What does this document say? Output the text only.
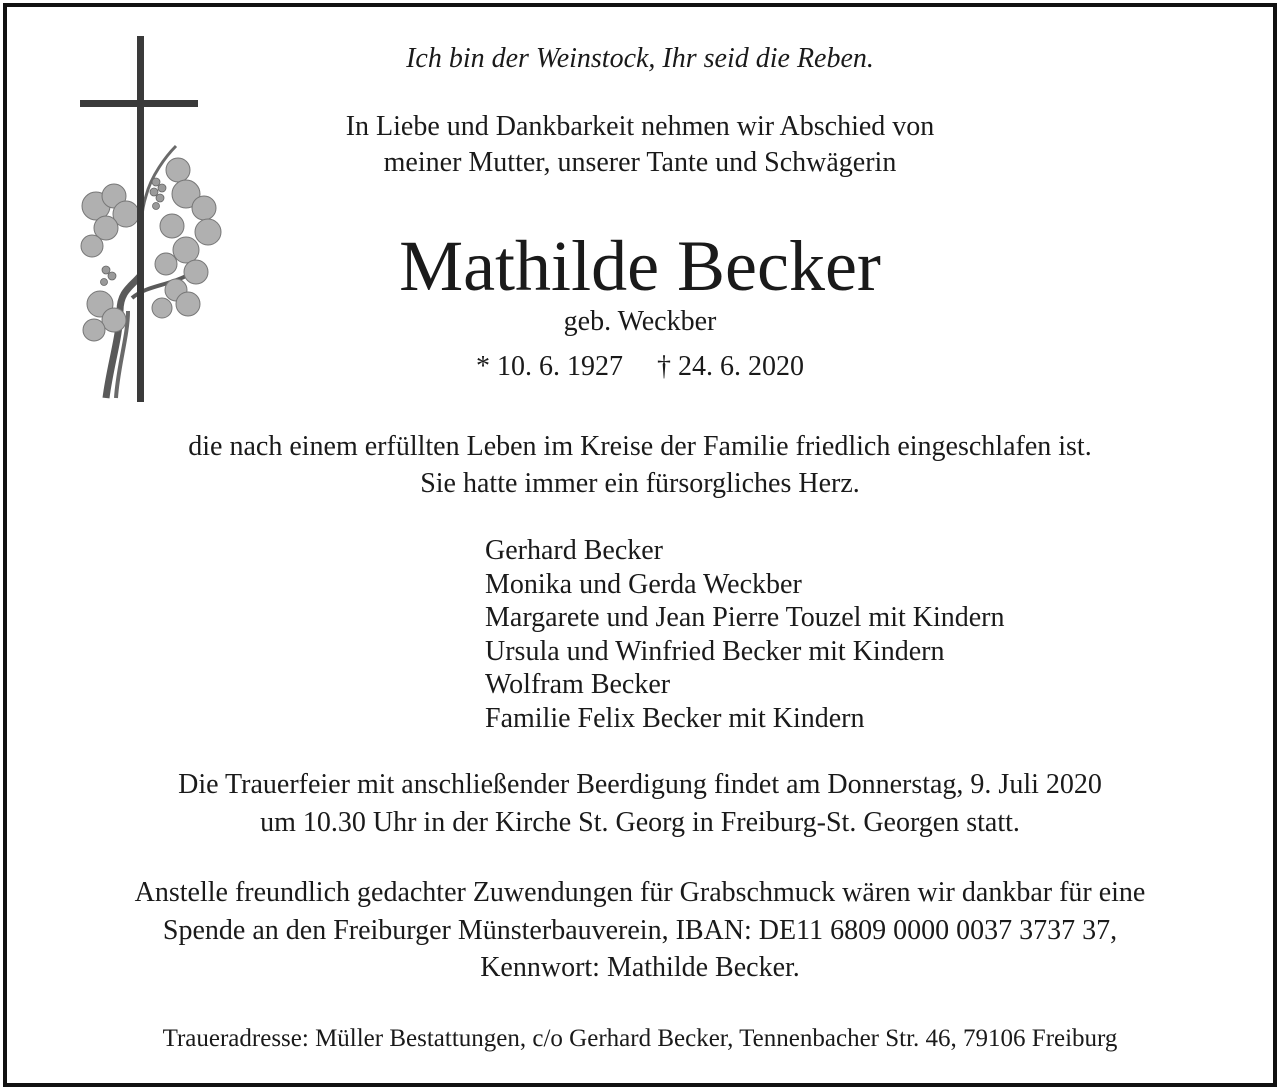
Ich bin der Weinstock, Ihr seid die Reben.
In Liebe und Dankbarkeit nehmen wir Abschied von
meiner Mutter, unserer Tante und Schwägerin
Mathilde Becker
geb. Weckber
* 10. 6. 1927 † 24. 6. 2020
die nach einem erfüllten Leben im Kreise der Familie friedlich eingeschlafen ist.
Sie hatte immer ein fürsorgliches Herz.
Gerhard Becker
Monika und Gerda Weckber
Margarete und Jean Pierre Touzel mit Kindern
Ursula und Winfried Becker mit Kindern
Wolfram Becker
Familie Felix Becker mit Kindern
Die Trauerfeier mit anschließender Beerdigung findet am Donnerstag, 9. Juli 2020
um 10.30 Uhr in der Kirche St. Georg in Freiburg-St. Georgen statt.
Anstelle freundlich gedachter Zuwendungen für Grabschmuck wären wir dankbar für eine
Spende an den Freiburger Münsterbauverein, IBAN: DE11 6809 0000 0037 3737 37,
Kennwort: Mathilde Becker.
Traueradresse: Müller Bestattungen, c/o Gerhard Becker, Tennenbacher Str. 46, 79106 Freiburg
